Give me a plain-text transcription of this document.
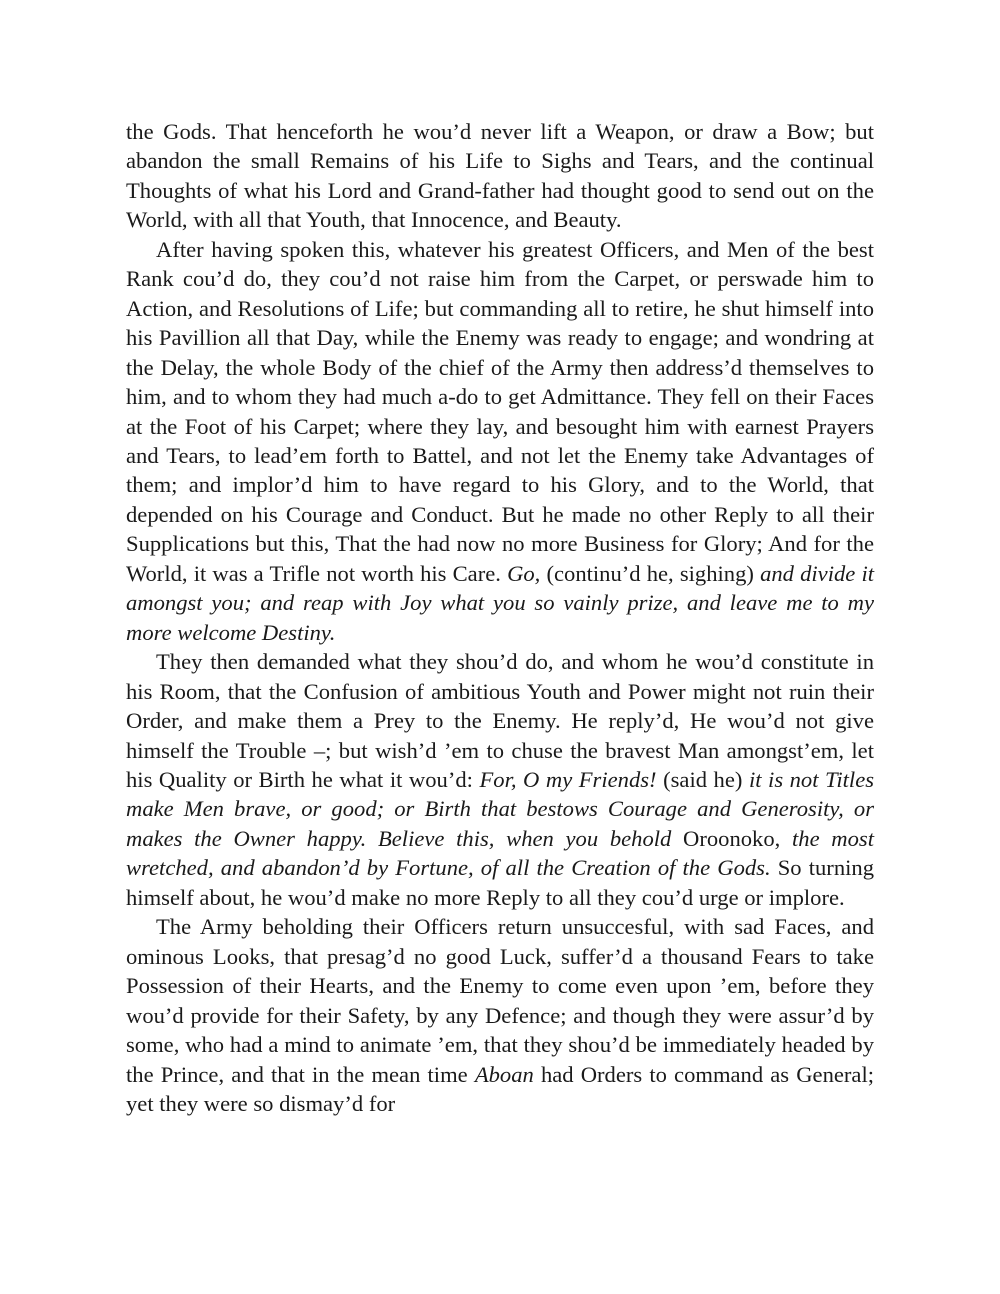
the Gods. That henceforth he wou’d never lift a Weapon, or draw a Bow; but abandon the small Remains of his Life to Sighs and Tears, and the continual Thoughts of what his Lord and Grand-father had thought good to send out on the World, with all that Youth, that Innocence, and Beauty.

After having spoken this, whatever his greatest Officers, and Men of the best Rank cou’d do, they cou’d not raise him from the Carpet, or perswade him to Action, and Resolutions of Life; but commanding all to retire, he shut himself into his Pavillion all that Day, while the Enemy was ready to engage; and wondring at the Delay, the whole Body of the chief of the Army then address’d themselves to him, and to whom they had much a-do to get Admittance. They fell on their Faces at the Foot of his Carpet; where they lay, and besought him with earnest Prayers and Tears, to lead’em forth to Battel, and not let the Enemy take Advantages of them; and implor’d him to have regard to his Glory, and to the World, that depended on his Courage and Conduct. But he made no other Reply to all their Supplications but this, That the had now no more Business for Glory; And for the World, it was a Trifle not worth his Care. Go, (continu’d he, sighing) and divide it amongst you; and reap with Joy what you so vainly prize, and leave me to my more welcome Destiny.

They then demanded what they shou’d do, and whom he wou’d constitute in his Room, that the Confusion of ambitious Youth and Power might not ruin their Order, and make them a Prey to the Enemy. He reply’d, He wou’d not give himself the Trouble –; but wish’d ’em to chuse the bravest Man amongst’em, let his Quality or Birth he what it wou’d: For, O my Friends! (said he) it is not Titles make Men brave, or good; or Birth that bestows Courage and Generosity, or makes the Owner happy. Believe this, when you behold Oroonoko, the most wretched, and abandon’d by Fortune, of all the Creation of the Gods. So turning himself about, he wou’d make no more Reply to all they cou’d urge or implore.

The Army beholding their Officers return unsuccesful, with sad Faces, and ominous Looks, that presag’d no good Luck, suffer’d a thousand Fears to take Possession of their Hearts, and the Enemy to come even upon ’em, before they wou’d provide for their Safety, by any Defence; and though they were assur’d by some, who had a mind to animate ’em, that they shou’d be immediately headed by the Prince, and that in the mean time Aboan had Orders to command as General; yet they were so dismay’d for
